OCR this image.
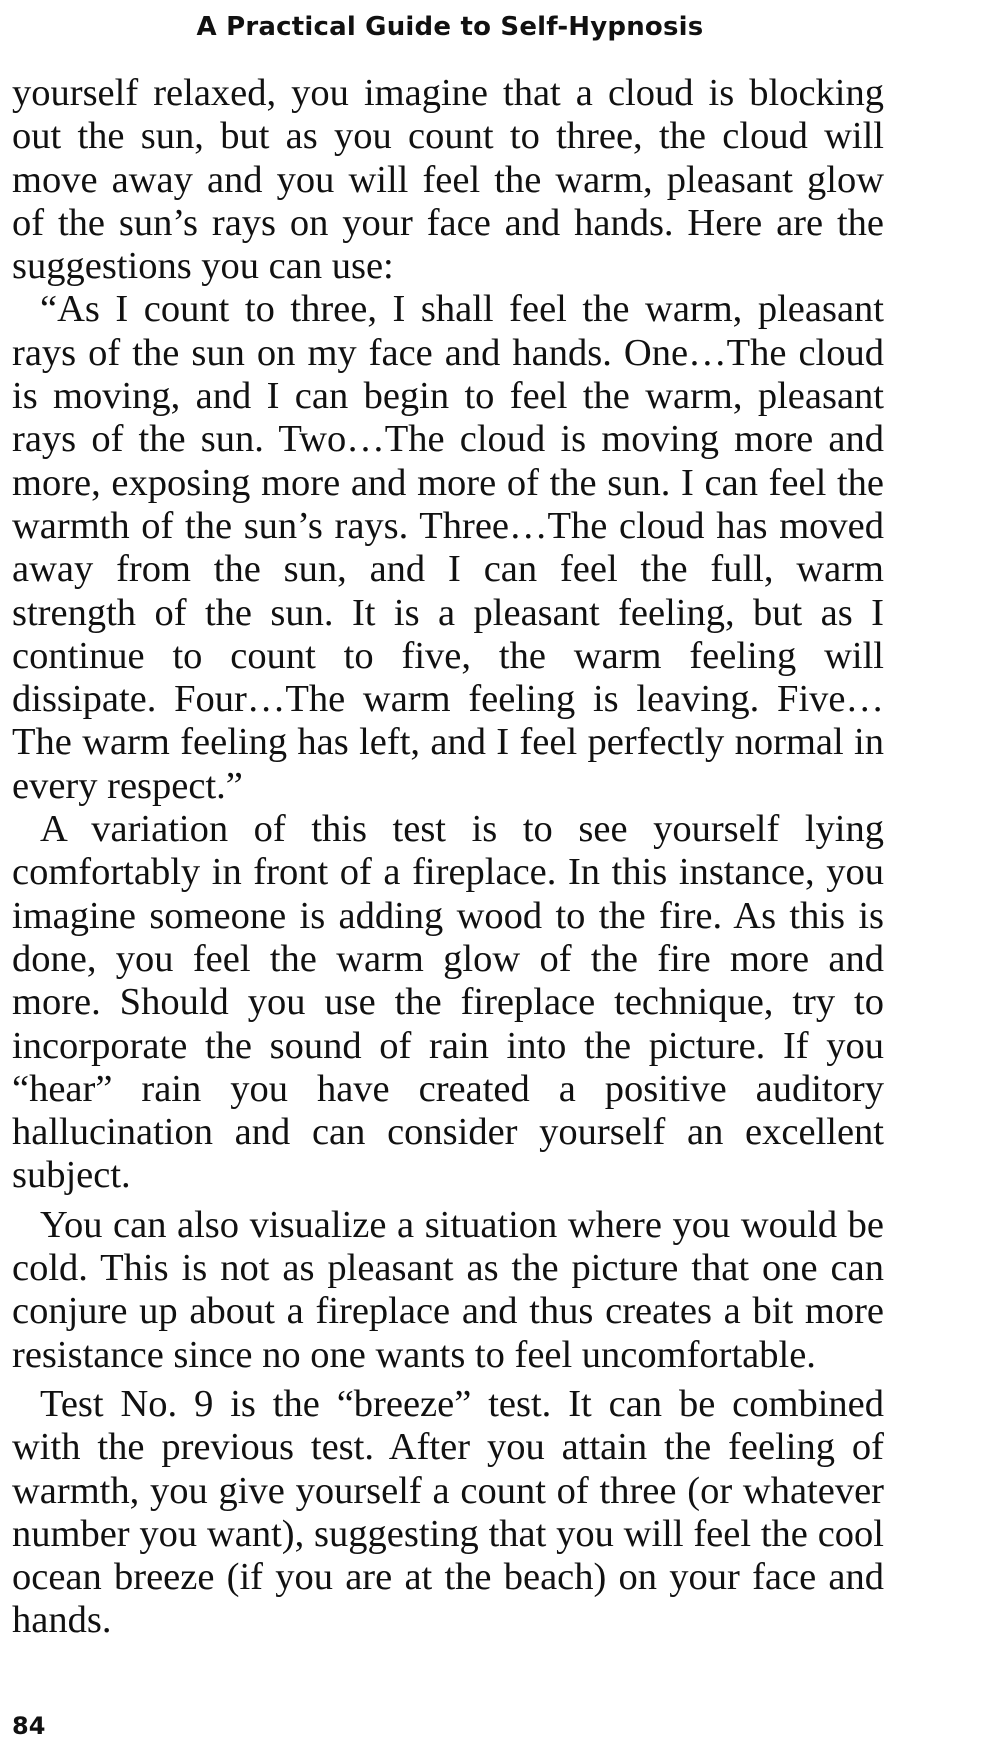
A Practical Guide to Self-Hypnosis

yourself relaxed, you imagine that a cloud is blocking out the sun, but as you count to three, the cloud will move away and you will feel the warm, pleasant glow of the sun’s rays on your face and hands. Here are the suggestions you can use:

“As I count to three, I shall feel the warm, pleasant rays of the sun on my face and hands. One…The cloud is moving, and I can begin to feel the warm, pleasant rays of the sun. Two…The cloud is moving more and more, exposing more and more of the sun. I can feel the warmth of the sun’s rays. Three…The cloud has moved away from the sun, and I can feel the full, warm strength of the sun. It is a pleasant feeling, but as I continue to count to five, the warm feeling will dissipate. Four…The warm feeling is leaving. Five…The warm feeling has left, and I feel perfectly normal in every respect.”

A variation of this test is to see yourself lying comfortably in front of a fireplace. In this instance, you imagine someone is adding wood to the fire. As this is done, you feel the warm glow of the fire more and more. Should you use the fireplace technique, try to incorporate the sound of rain into the picture. If you “hear” rain you have created a positive auditory hallucination and can consider yourself an excellent subject.

You can also visualize a situation where you would be cold. This is not as pleasant as the picture that one can conjure up about a fireplace and thus creates a bit more resistance since no one wants to feel uncomfortable.

Test No. 9 is the “breeze” test. It can be combined with the previous test. After you attain the feeling of warmth, you give yourself a count of three (or whatever number you want), suggesting that you will feel the cool ocean breeze (if you are at the beach) on your face and hands.

84
